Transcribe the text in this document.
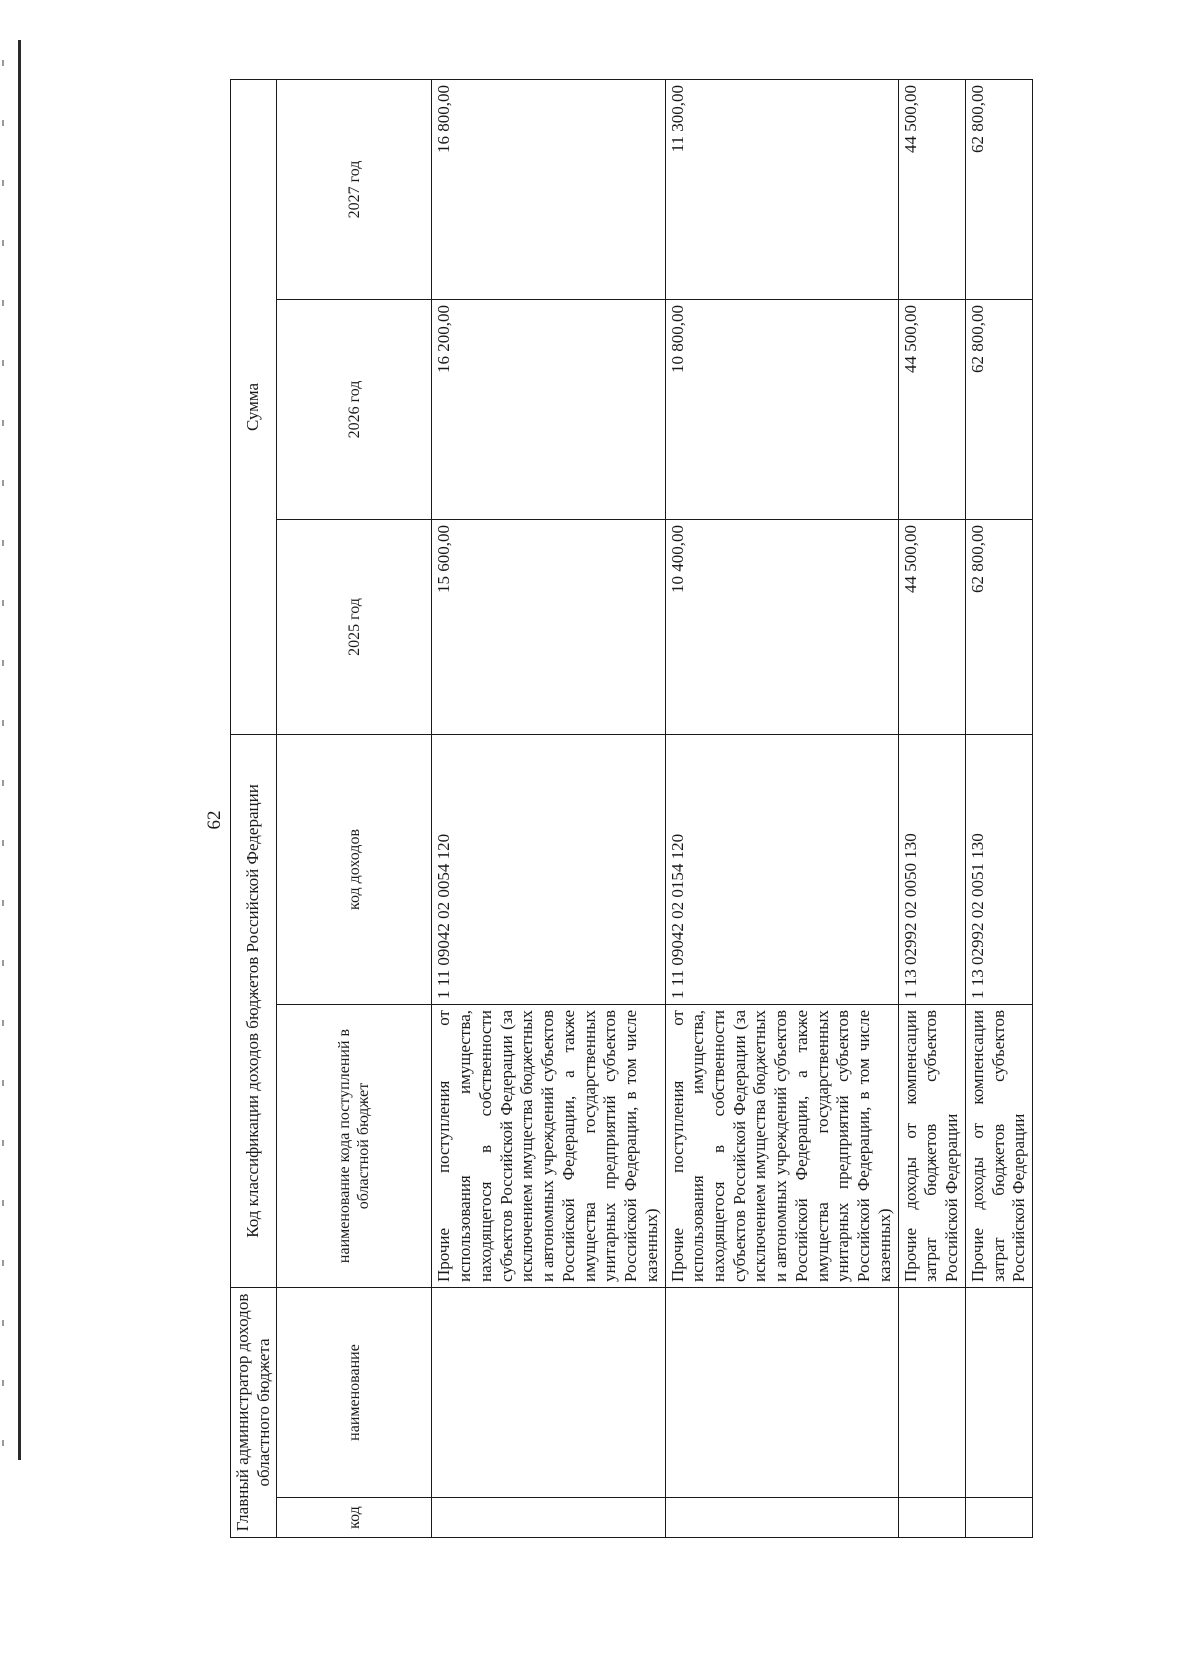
62
Главный администратор доходов областного бюджета		Код классификации доходов бюджетов Российской Федерации		Сумма		
код	наименование	наименование кода поступлений в областной бюджет	код доходов	2025 год	2026 год	2027 год
		Прочие поступления от использования имущества, находящегося в собственности субъектов Российской Федерации (за исключением имущества бюджетных и автономных учреждений субъектов Российской Федерации, а также имущества государственных унитарных предприятий субъектов Российской Федерации, в том числе казенных)	1 11 09042 02 0054 120	15 600,00	16 200,00	16 800,00
		Прочие поступления от использования имущества, находящегося в собственности субъектов Российской Федерации (за исключением имущества бюджетных и автономных учреждений субъектов Российской Федерации, а также имущества государственных унитарных предприятий субъектов Российской Федерации, в том числе казенных)	1 11 09042 02 0154 120	10 400,00	10 800,00	11 300,00
		Прочие доходы от компенсации затрат бюджетов субъектов Российской Федерации	1 13 02992 02 0050 130	44 500,00	44 500,00	44 500,00
		Прочие доходы от компенсации затрат бюджетов субъектов Российской Федерации	1 13 02992 02 0051 130	62 800,00	62 800,00	62 800,00
